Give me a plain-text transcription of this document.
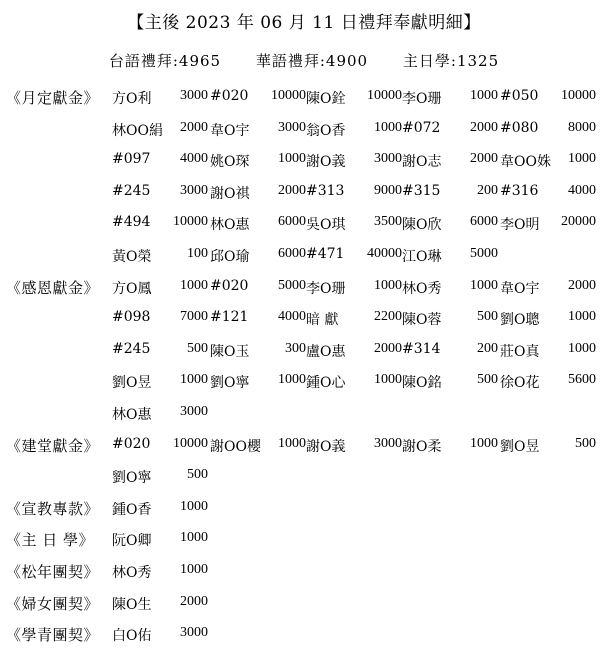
【主後 2023 年 06 月 11 日禮拜奉獻明細】
台語禮拜:4965 華語禮拜:4900 主日學:1325
《月定獻金》 方O利 3000 #020 10000 陳O銓 10000 李O珊 1000 #050 10000
林OO絹 2000 韋O宇 3000 翁O香 1000 #072 2000 #080 8000
#097 4000 姚O琛 1000 謝O義 3000 謝O志 2000 韋OO姝 1000
#245 3000 謝O祺 2000 #313 9000 #315	200 #316 4000
#494 10000 林O惠 6000 吳O琪 3500 陳O欣 6000 李O明 20000
黃O榮	100 邱O瑜 6000 #471 40000 江O琳 5000
《感恩獻金》 方O鳳 1000 #020 5000 李O珊 1000 林O秀 1000 韋O宇 2000
#098 7000 #121 4000 暗 獻	2200 陳O蓉	500 劉O聰 1000
#245	500 陳O玉	300 盧O惠 2000 #314	200 莊O真 1000
劉O昱 1000 劉O寧 1000 鍾O心 1000 陳O銘	500 徐O花 5600
林O惠 3000
《建堂獻金》 #020 10000 謝OO櫻 1000 謝O義 3000 謝O柔 1000 劉O昱	500
劉O寧	500
《宣教專款》 鍾O香 1000
《主 日 學》 阮O卿 1000
《松年團契》 林O秀 1000
《婦女團契》 陳O生 2000
《學青團契》 白O佑 3000
